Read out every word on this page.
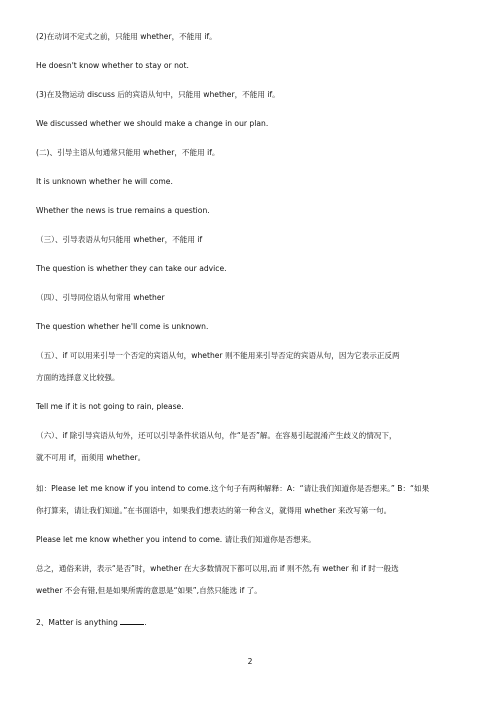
(2)在动词不定式之前，只能用 whether，不能用 if。
He doesn't know whether to stay or not.
(3)在及物运动 discuss 后的宾语从句中，只能用 whether，不能用 if。
We discussed whether we should make a change in our plan.
(二)、引导主语从句通常只能用 whether，不能用 if。
It is unknown whether he will come.
Whether the news is true remains a question.
（三）、引导表语从句只能用 whether，不能用 if
The question is whether they can take our advice.
（四）、引导同位语从句常用 whether
The question whether he'll come is unknown.
（五）、if 可以用来引导一个否定的宾语从句，whether 则不能用来引导否定的宾语从句，因为它表示正反两
方面的选择意义比较强。
Tell me if it is not going to rain, please.
（六）、if 除引导宾语从句外，还可以引导条件状语从句，作“是否”解。在容易引起混淆产生歧义的情况下，
就不可用 if，而须用 whether。
如：Please let me know if you intend to come.这个句子有两种解释：A：“请让我们知道你是否想来。” B：“如果
你打算来，请让我们知道。”在书面语中，如果我们想表达的第一种含义，就得用 whether 来改写第一句。
Please let me know whether you intend to come. 请让我们知道你是否想来。
总之，通俗来讲，表示“是否”时，whether 在大多数情况下都可以用,而 if 则不然,有 wether 和 if 时一般选
wether 不会有错,但是如果所需的意思是“如果”,自然只能选 if 了。
2、Matter is anything	.
2
